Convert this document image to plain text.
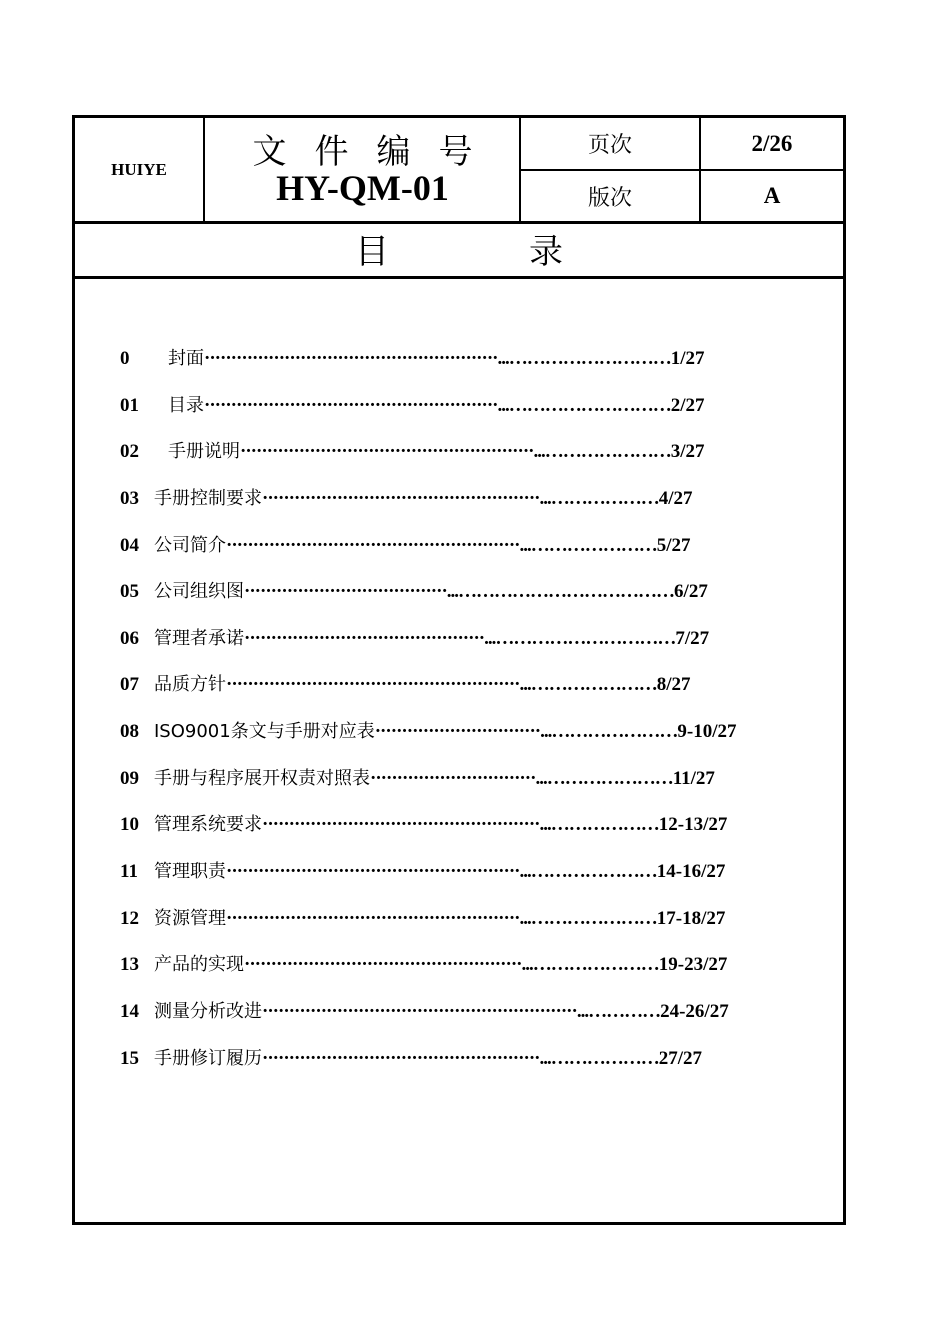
HUIYE	文件编号
HY-QM-01
页次	2/26
版次	A
目	录
0 封面·······················································...………………………1/27
01 目录·······················································...………………………2/27
02 手册说明·······················································...…………………3/27
03 手册控制要求····················································...………………4/27
04 公司简介·······················································...…………………5/27
05 公司组织图······································...………………………………6/27
06 管理者承诺·············································...…………………………7/27
07 品质方针·······················································...…………………8/27
08 ISO9001条文与手册对应表·······························...…………………9-10/27
09 手册与程序展开权责对照表·······························...…………………11/27
10 管理系统要求····················································...………………12-13/27
11 管理职责·······················································...…………………14-16/27
12 资源管理·······················································...…………………17-18/27
13 产品的实现····················································...…………………19-23/27
14 测量分析改进···························································...…………24-26/27
15 手册修订履历····················································...………………27/27
